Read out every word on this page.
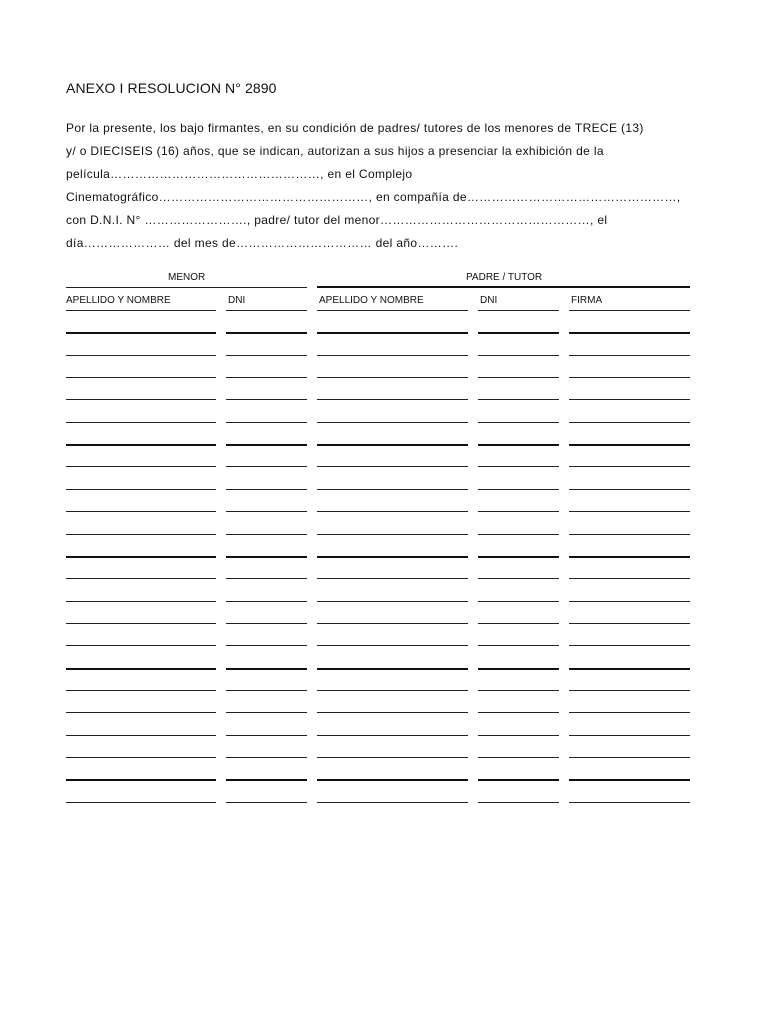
ANEXO I RESOLUCION N° 2890
Por la presente, los bajo firmantes, en su condición de padres/ tutores de los menores de TRECE (13)
y/ o DIECISEIS (16) años, que se indican, autorizan a sus hijos a presenciar la exhibición de la
película……………………………………………, en el Complejo
Cinematográfico……………………………………………, en compañía de……………………………………………,
con D.N.I. N° ……………………., padre/ tutor del menor……………………………………………, el
día………………… del mes de…………………………… del año……….
MENOR	PADRE / TUTOR
APELLIDO Y NOMBRE	DNI	APELLIDO Y NOMBRE	DNI	FIRMA
